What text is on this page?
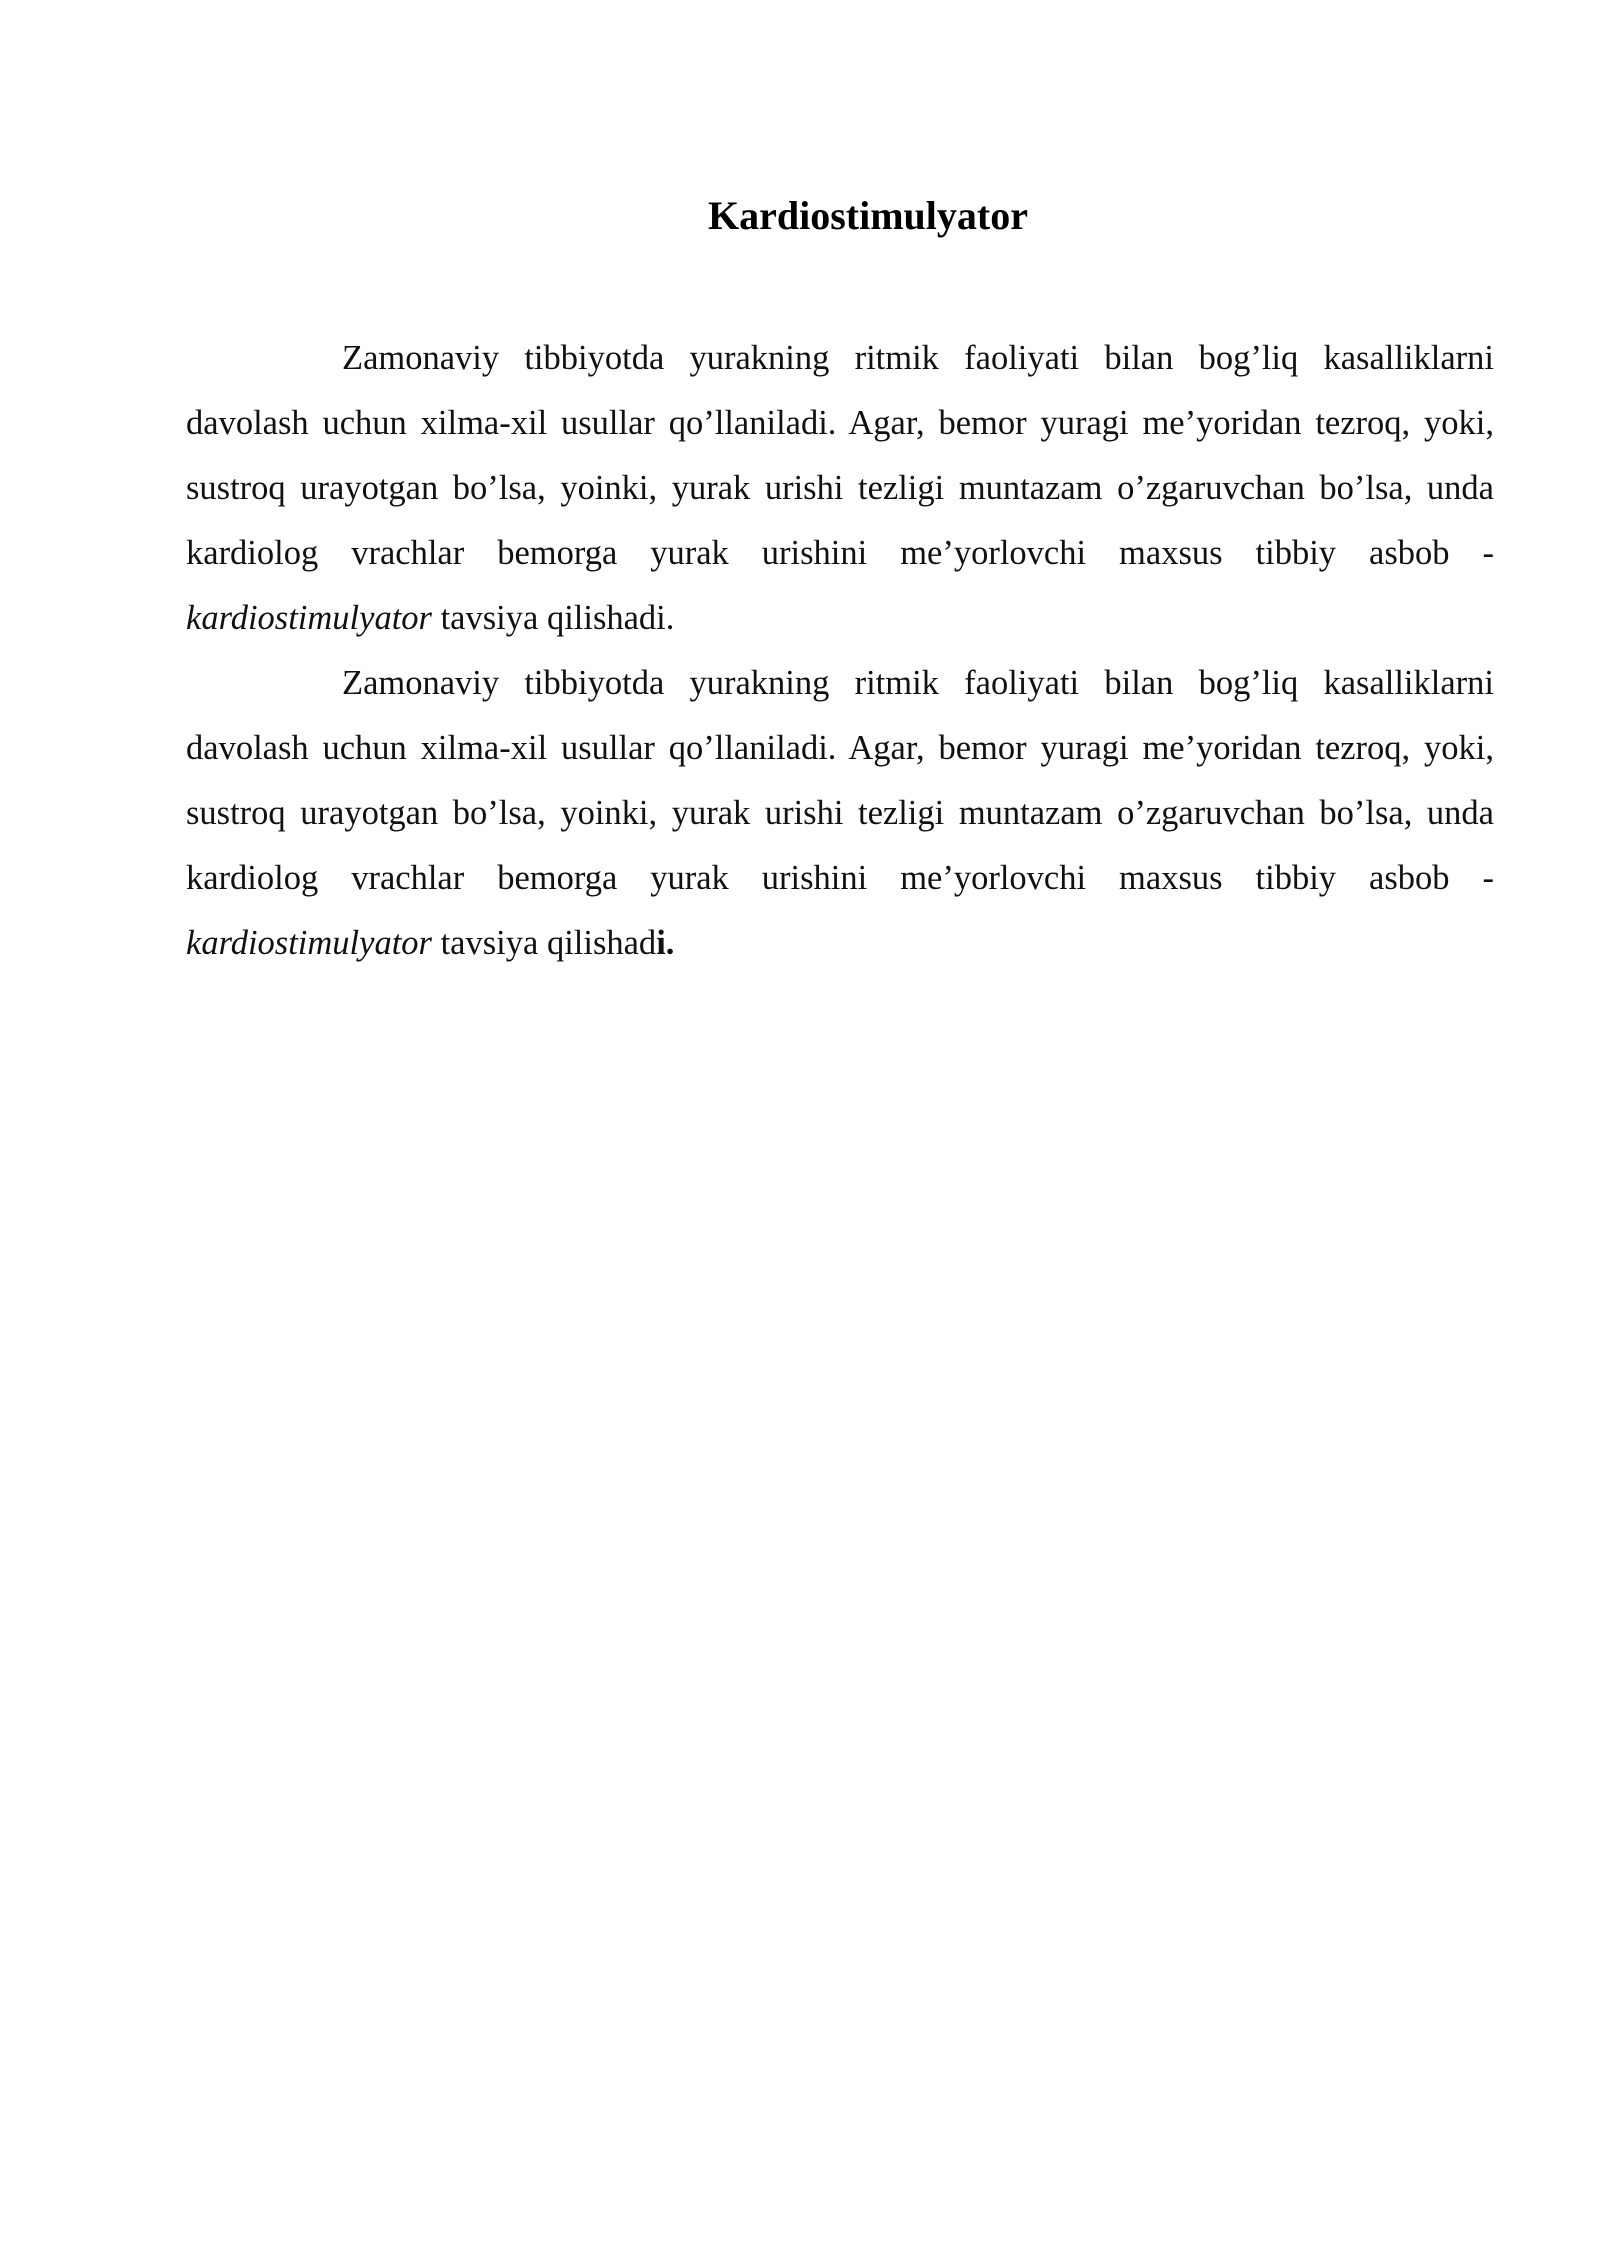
Kardiostimulyator

Zamonaviy tibbiyotda yurakning ritmik faoliyati bilan bog’liq kasalliklarni davolash uchun xilma-xil usullar qo’llaniladi. Agar, bemor yuragi me’yoridan tezroq, yoki, sustroq urayotgan bo’lsa, yoinki, yurak urishi tezligi muntazam o’zgaruvchan bo’lsa, unda kardiolog vrachlar bemorga yurak urishini me’yorlovchi maxsus tibbiy asbob - kardiostimulyator tavsiya qilishadi.

Zamonaviy tibbiyotda yurakning ritmik faoliyati bilan bog’liq kasalliklarni davolash uchun xilma-xil usullar qo’llaniladi. Agar, bemor yuragi me’yoridan tezroq, yoki, sustroq urayotgan bo’lsa, yoinki, yurak urishi tezligi muntazam o’zgaruvchan bo’lsa, unda kardiolog vrachlar bemorga yurak urishini me’yorlovchi maxsus tibbiy asbob - kardiostimulyator tavsiya qilishadi.
